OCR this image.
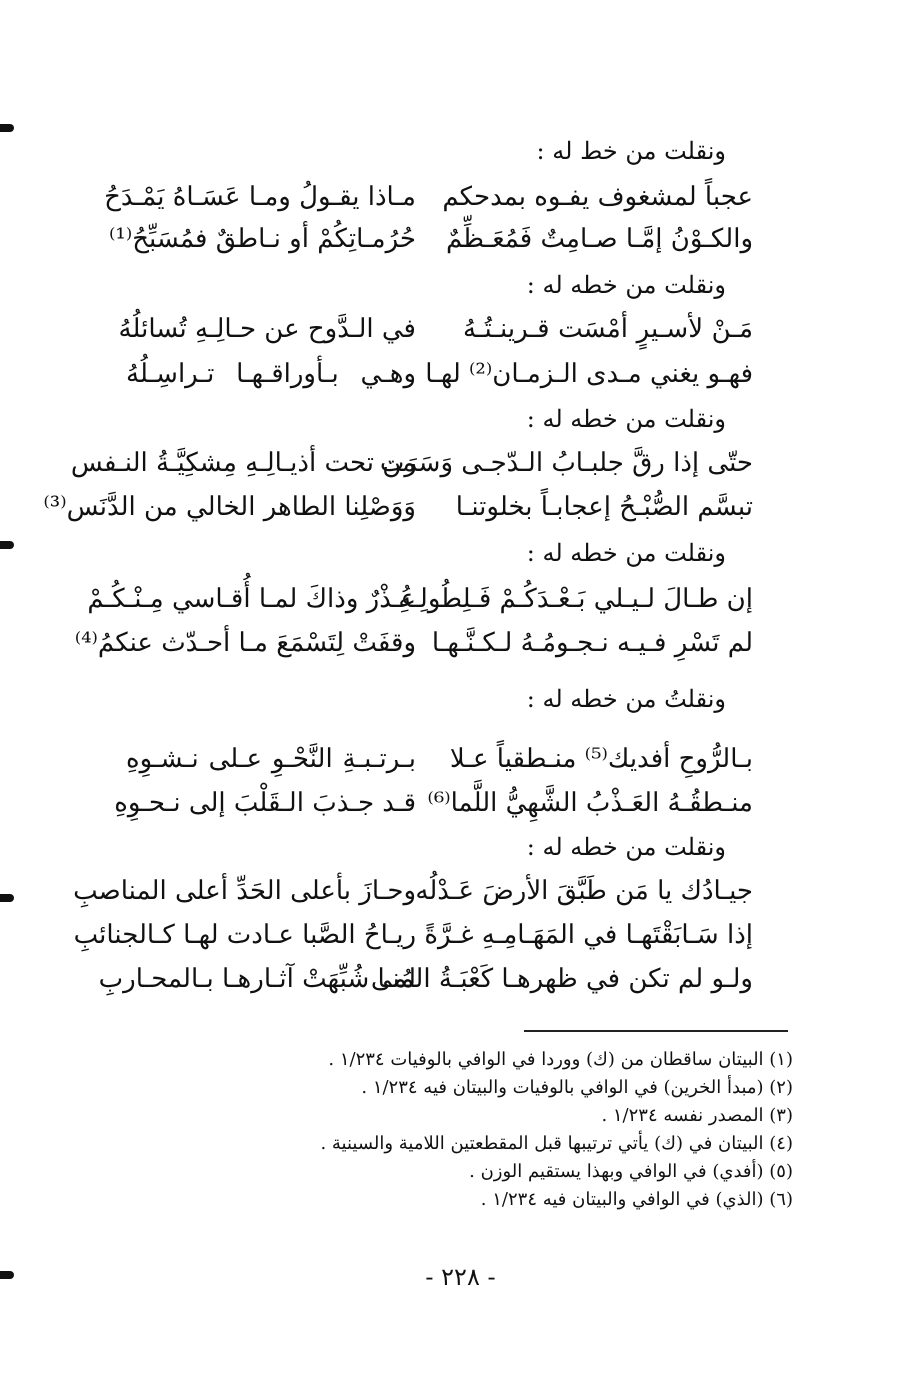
ونقلت من خط له :
عجباً لمشغوف يفـوه بمدحكم
مـاذا يقـولُ ومـا عَسَـاهُ يَمْـدَحُ
والكـوْنُ إمَّـا صـامِتٌ فَمُعَـظِّمٌ
حُرُمـاتِكُمْ أو نـاطقٌ فمُسَبِّحُ⁽¹⁾
ونقلت من خطه له :
مَـنْ لأسـيرٍ أمْسَت قـرينـتُـهُ
في الـدَّوح عن حـالِـهِ تُسائلُهُ
فهـو يغني مـدى الـزمـان⁽²⁾ لهـا
وهـي بـأوراقـهـا تـراسِـلُهُ
ونقلت من خطه له :
حتّى إذا رقَّ جلبـابُ الـدّجـى وَسَرَت
من تحت أذيـالِـهِ مِشكِيَّـةُ النـفس
تبسَّم الصُّبْـحُ إعجابـاً بخلوتنـا
وَوَصْلِنا الطاهر الخالي من الدَّنَس⁽³⁾
ونقلت من خطه له :
إن طـالَ لـيـلي بَـعْـدَكُـمْ فَـلِطُولِـهِ
عُـذْرٌ وذاكَ لمـا أُقـاسي مِـنْـكُـمْ
لم تَسْرِ فـيـه نـجـومُـهُ لـكـنَّـهـا
وقفَتْ لِتَسْمَعَ مـا أحـدّث عنكمُ⁽⁴⁾
ونقلتُ من خطه له :
بـالرُّوحِ أفديك⁽⁵⁾ منـطقياً عـلا
بـرتـبـةِ النَّحْـوِ عـلى نـشـوِهِ
منـطقُـهُ العَـذْبُ الشَّهِيُّ اللَّما⁽⁶⁾
قـد جـذبَ الـقَلْبَ إلى نـحـوِهِ
ونقلت من خطه له :
جيـادُك يا مَن طَبَّقَ الأرضَ عَـدْلُه
وحـازَ بأعلى الحَدِّ أعلى المناصبِ
إذا سَـابَقْتَهـا في المَهَـامِـهِ غـرَّةً
ريـاحُ الصَّبا عـادت لهـا كـالجنائبِ
ولـو لم تكن في ظهرهـا كَعْبَـةُ المُنى
لمـا شُبِّهَتْ آثـارهـا بـالمحـاربِ
(١) البيتان ساقطان من (ك) ووردا في الوافي بالوفيات ١/٢٣٤ .
(٢) (مبدأ الخرين) في الوافي بالوفيات والبيتان فيه ١/٢٣٤ .
(٣) المصدر نفسه ١/٢٣٤ .
(٤) البيتان في (ك) يأتي ترتيبها قبل المقطعتين اللامية والسينية .
(٥) (أفدي) في الوافي وبهذا يستقيم الوزن .
(٦) (الذي) في الوافي والبيتان فيه ١/٢٣٤ .
- ٢٢٨ -
